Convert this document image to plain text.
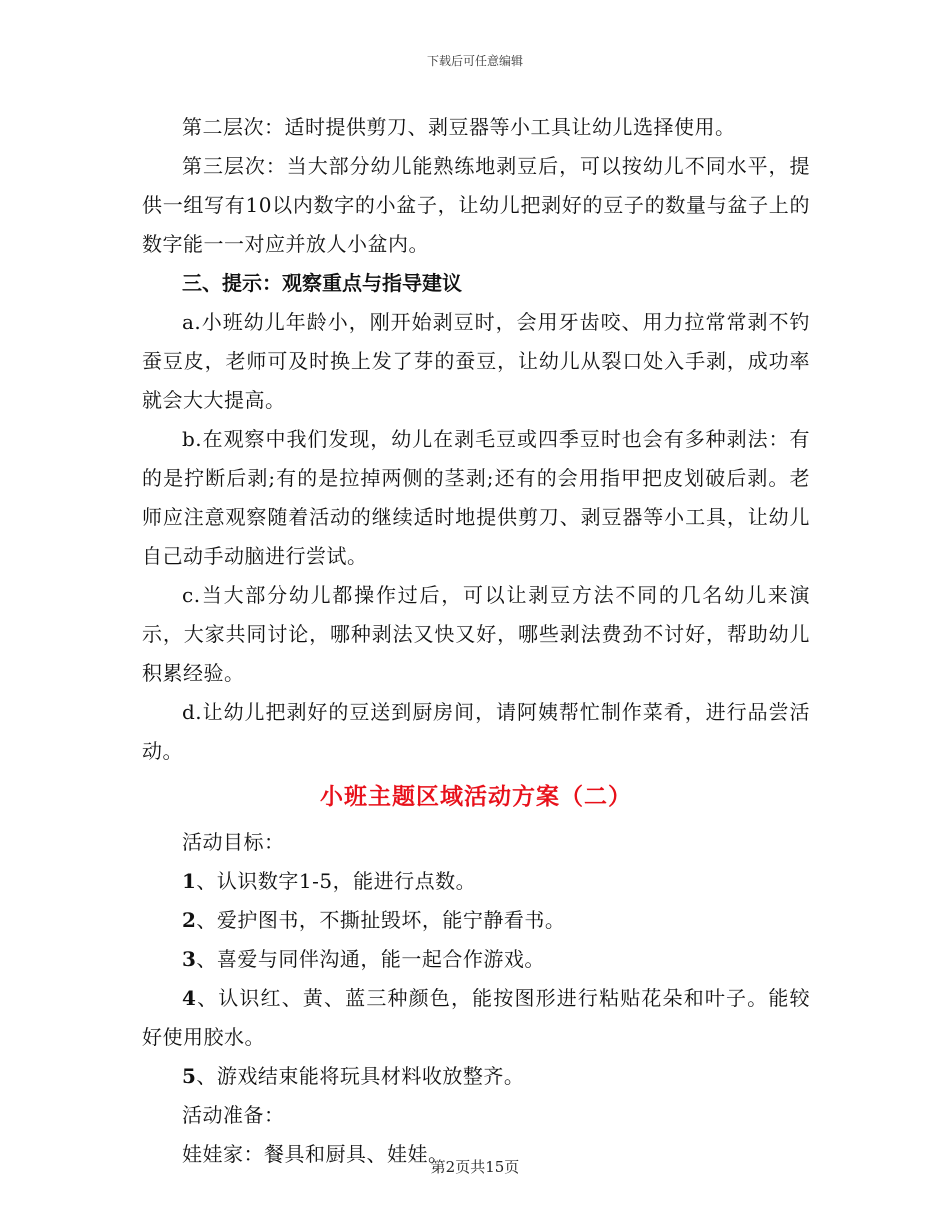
下载后可任意编辑

第二层次：适时提供剪刀、剥豆器等小工具让幼儿选择使用。

第三层次：当大部分幼儿能熟练地剥豆后，可以按幼儿不同水平，提供一组写有10以内数字的小盆子，让幼儿把剥好的豆子的数量与盆子上的数字能一一对应并放人小盆内。

三、提示：观察重点与指导建议

a.小班幼儿年龄小，刚开始剥豆时，会用牙齿咬、用力拉常常剥不钓蚕豆皮，老师可及时换上发了芽的蚕豆，让幼儿从裂口处入手剥，成功率就会大大提高。

b.在观察中我们发现，幼儿在剥毛豆或四季豆时也会有多种剥法：有的是拧断后剥;有的是拉掉两侧的茎剥;还有的会用指甲把皮划破后剥。老师应注意观察随着活动的继续适时地提供剪刀、剥豆器等小工具，让幼儿自己动手动脑进行尝试。

c.当大部分幼儿都操作过后，可以让剥豆方法不同的几名幼儿来演示，大家共同讨论，哪种剥法又快又好，哪些剥法费劲不讨好，帮助幼儿积累经验。

d.让幼儿把剥好的豆送到厨房间，请阿姨帮忙制作菜肴，进行品尝活动。

小班主题区域活动方案（二）

活动目标：

1、认识数字1-5，能进行点数。

2、爱护图书，不撕扯毁坏，能宁静看书。

3、喜爱与同伴沟通，能一起合作游戏。

4、认识红、黄、蓝三种颜色，能按图形进行粘贴花朵和叶子。能较好使用胶水。

5、游戏结束能将玩具材料收放整齐。

活动准备：

娃娃家：餐具和厨具、娃娃。

第2页共15页
